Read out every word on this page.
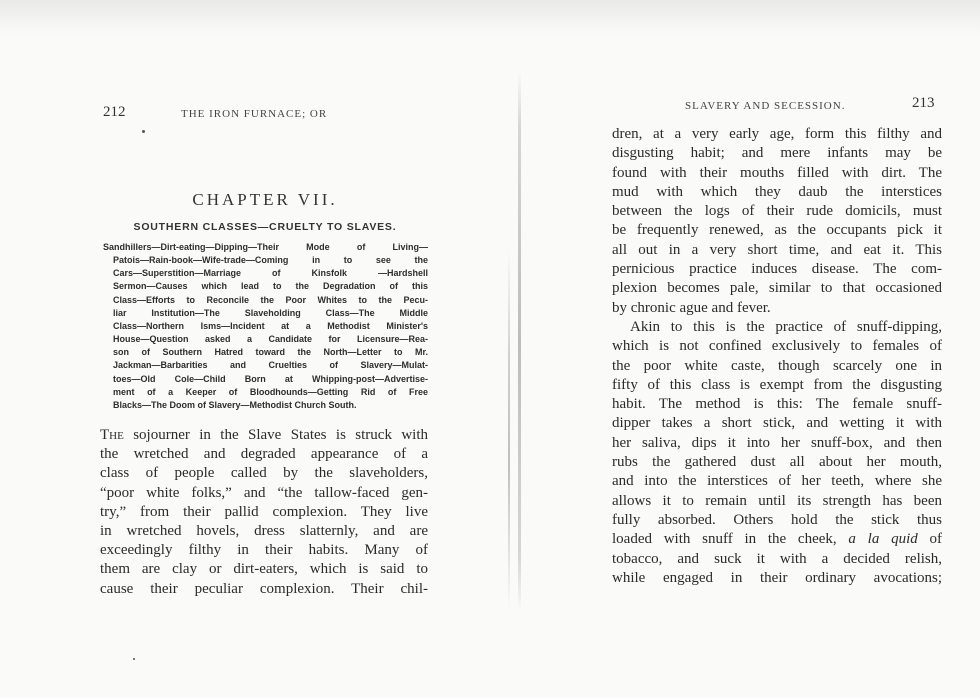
212	THE IRON FURNACE; OR
CHAPTER VII.
SOUTHERN CLASSES—CRUELTY TO SLAVES.
Sandhillers—Dirt-eating—Dipping—Their Mode of Living—
Patois—Rain-book—Wife-trade—Coming in to see the
Cars—Superstition—Marriage of Kinsfolk —Hardshell
Sermon—Causes which lead to the Degradation of this
Class—Efforts to Reconcile the Poor Whites to the Pecu-
liar Institution—The Slaveholding Class—The Middle
Class—Northern Isms—Incident at a Methodist Minister's
House—Question asked a Candidate for Licensure—Rea-
son of Southern Hatred toward the North—Letter to Mr.
Jackman—Barbarities and Cruelties of Slavery—Mulat-
toes—Old Cole—Child Born at Whipping-post—Advertise-
ment of a Keeper of Bloodhounds—Getting Rid of Free
Blacks—The Doom of Slavery—Methodist Church South.
The sojourner in the Slave States is struck with
the wretched and degraded appearance of a
class of people called by the slaveholders,
“poor white folks,” and “the tallow-faced gen-
try,” from their pallid complexion. They live
in wretched hovels, dress slatternly, and are
exceedingly filthy in their habits. Many of
them are clay or dirt-eaters, which is said to
cause their peculiar complexion. Their chil-
SLAVERY AND SECESSION.	213
dren, at a very early age, form this filthy and
disgusting habit; and mere infants may be
found with their mouths filled with dirt. The
mud with which they daub the interstices
between the logs of their rude domicils, must
be frequently renewed, as the occupants pick it
all out in a very short time, and eat it. This
pernicious practice induces disease. The com-
plexion becomes pale, similar to that occasioned
by chronic ague and fever.
Akin to this is the practice of snuff-dipping,
which is not confined exclusively to females of
the poor white caste, though scarcely one in
fifty of this class is exempt from the disgusting
habit. The method is this: The female snuff-
dipper takes a short stick, and wetting it with
her saliva, dips it into her snuff-box, and then
rubs the gathered dust all about her mouth,
and into the interstices of her teeth, where she
allows it to remain until its strength has been
fully absorbed. Others hold the stick thus
loaded with snuff in the cheek, a la quid of
tobacco, and suck it with a decided relish,
while engaged in their ordinary avocations;
